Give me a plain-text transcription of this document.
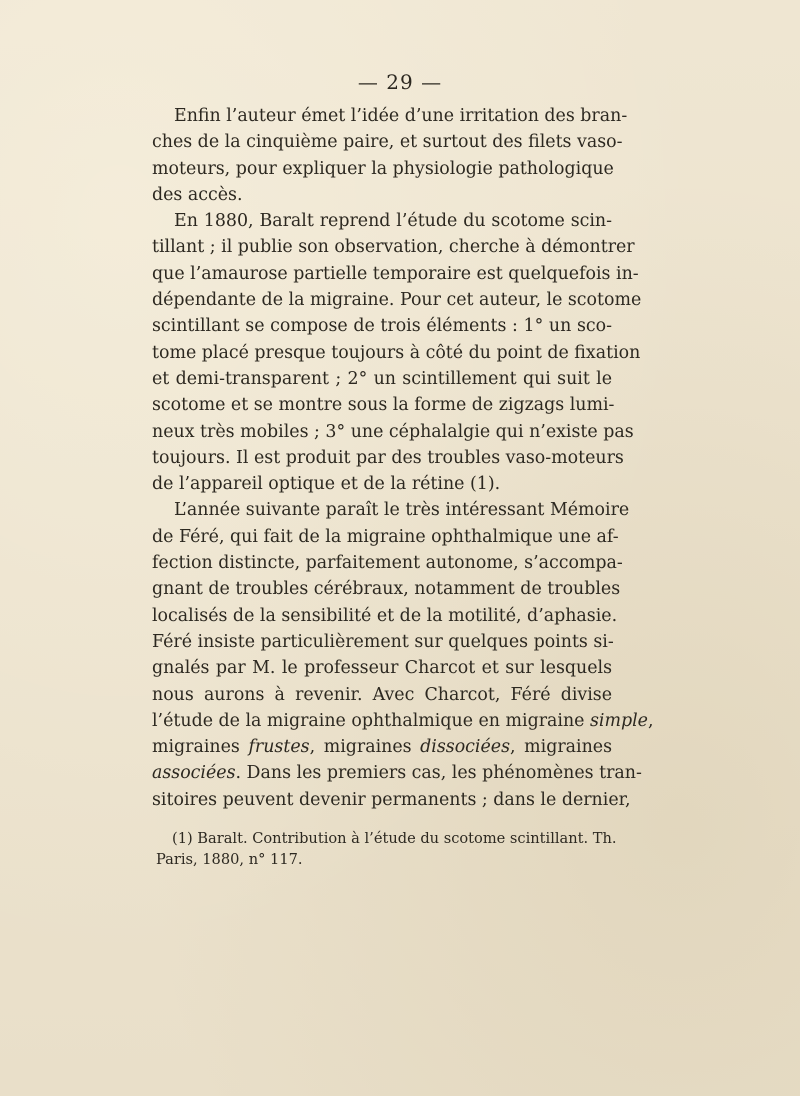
— 29 —
Enfin l’auteur émet l’idée d’une irritation des bran-
ches de la cinquième paire, et surtout des filets vaso-
moteurs, pour expliquer la physiologie pathologique
des accès.
En 1880, Baralt reprend l’étude du scotome scin-
tillant ; il publie son observation, cherche à démontrer
que l’amaurose partielle temporaire est quelquefois in-
dépendante de la migraine. Pour cet auteur, le scotome
scintillant se compose de trois éléments : 1° un sco-
tome placé presque toujours à côté du point de fixation
et demi-transparent ; 2° un scintillement qui suit le
scotome et se montre sous la forme de zigzags lumi-
neux très mobiles ; 3° une céphalalgie qui n’existe pas
toujours. Il est produit par des troubles vaso-moteurs
de l’appareil optique et de la rétine (1).
L’année suivante paraît le très intéressant Mémoire
de Féré, qui fait de la migraine ophthalmique une af-
fection distincte, parfaitement autonome, s’accompa-
gnant de troubles cérébraux, notamment de troubles
localisés de la sensibilité et de la motilité, d’aphasie.
Féré insiste particulièrement sur quelques points si-
gnalés par M. le professeur Charcot et sur lesquels
nous aurons à revenir. Avec Charcot, Féré divise
l’étude de la migraine ophthalmique en migraine simple,
migraines frustes, migraines dissociées, migraines
associées. Dans les premiers cas, les phénomènes tran-
sitoires peuvent devenir permanents ; dans le dernier,
(1) Baralt. Contribution à l’étude du scotome scintillant. Th.
Paris, 1880, n° 117.
